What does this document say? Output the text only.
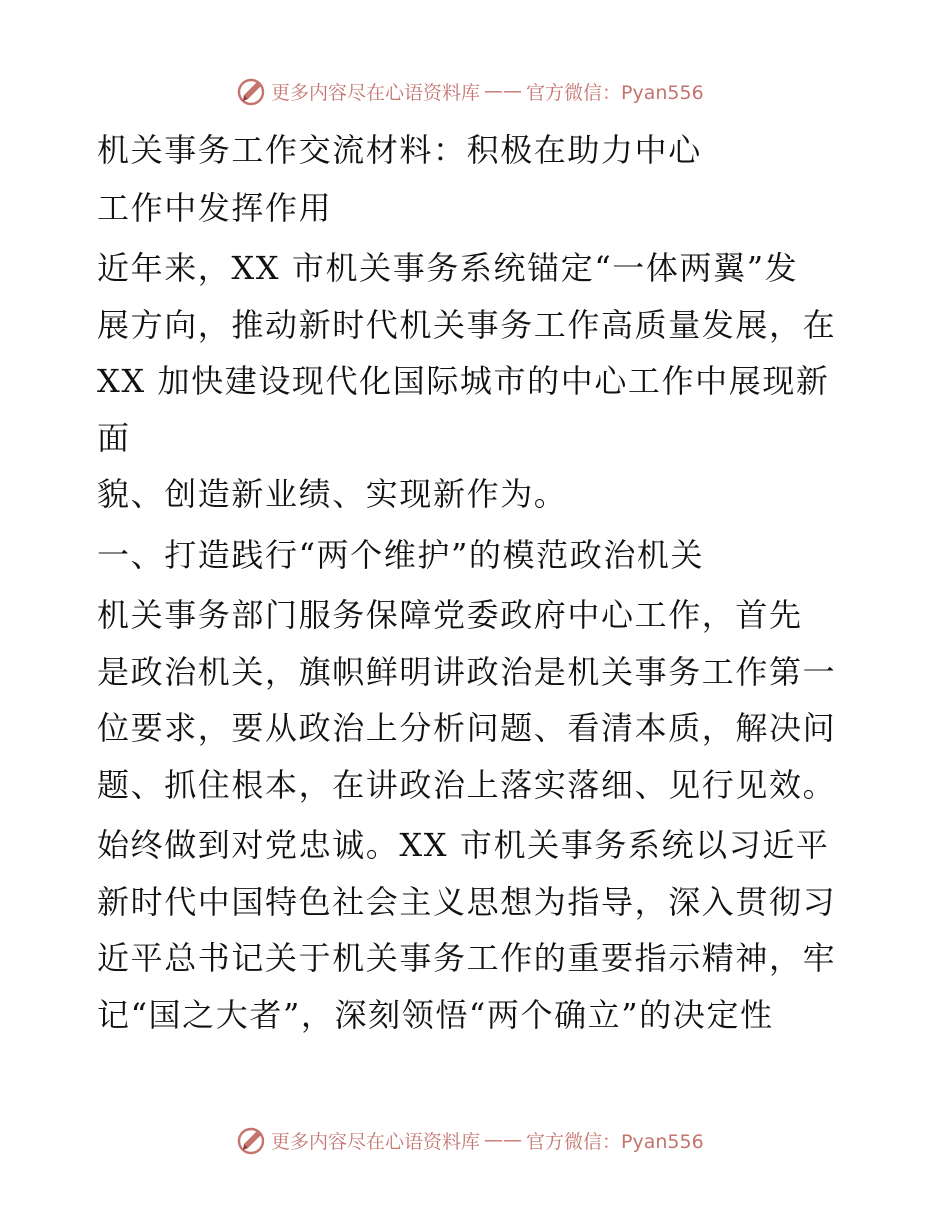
更多内容尽在心语资料库 —— 官方微信：Pyan556

机关事务工作交流材料：积极在助力中心

工作中发挥作用

近年来，XX 市机关事务系统锚定“一体两翼”发

展方向，推动新时代机关事务工作高质量发展，在

XX 加快建设现代化国际城市的中心工作中展现新面

貌、创造新业绩、实现新作为。

一、打造践行“两个维护”的模范政治机关

机关事务部门服务保障党委政府中心工作，首先

是政治机关，旗帜鲜明讲政治是机关事务工作第一

位要求，要从政治上分析问题、看清本质，解决问

题、抓住根本，在讲政治上落实落细、见行见效。

始终做到对党忠诚。XX 市机关事务系统以习近平

新时代中国特色社会主义思想为指导，深入贯彻习

近平总书记关于机关事务工作的重要指示精神，牢

记“国之大者”，深刻领悟“两个确立”的决定性

更多内容尽在心语资料库 —— 官方微信：Pyan556
